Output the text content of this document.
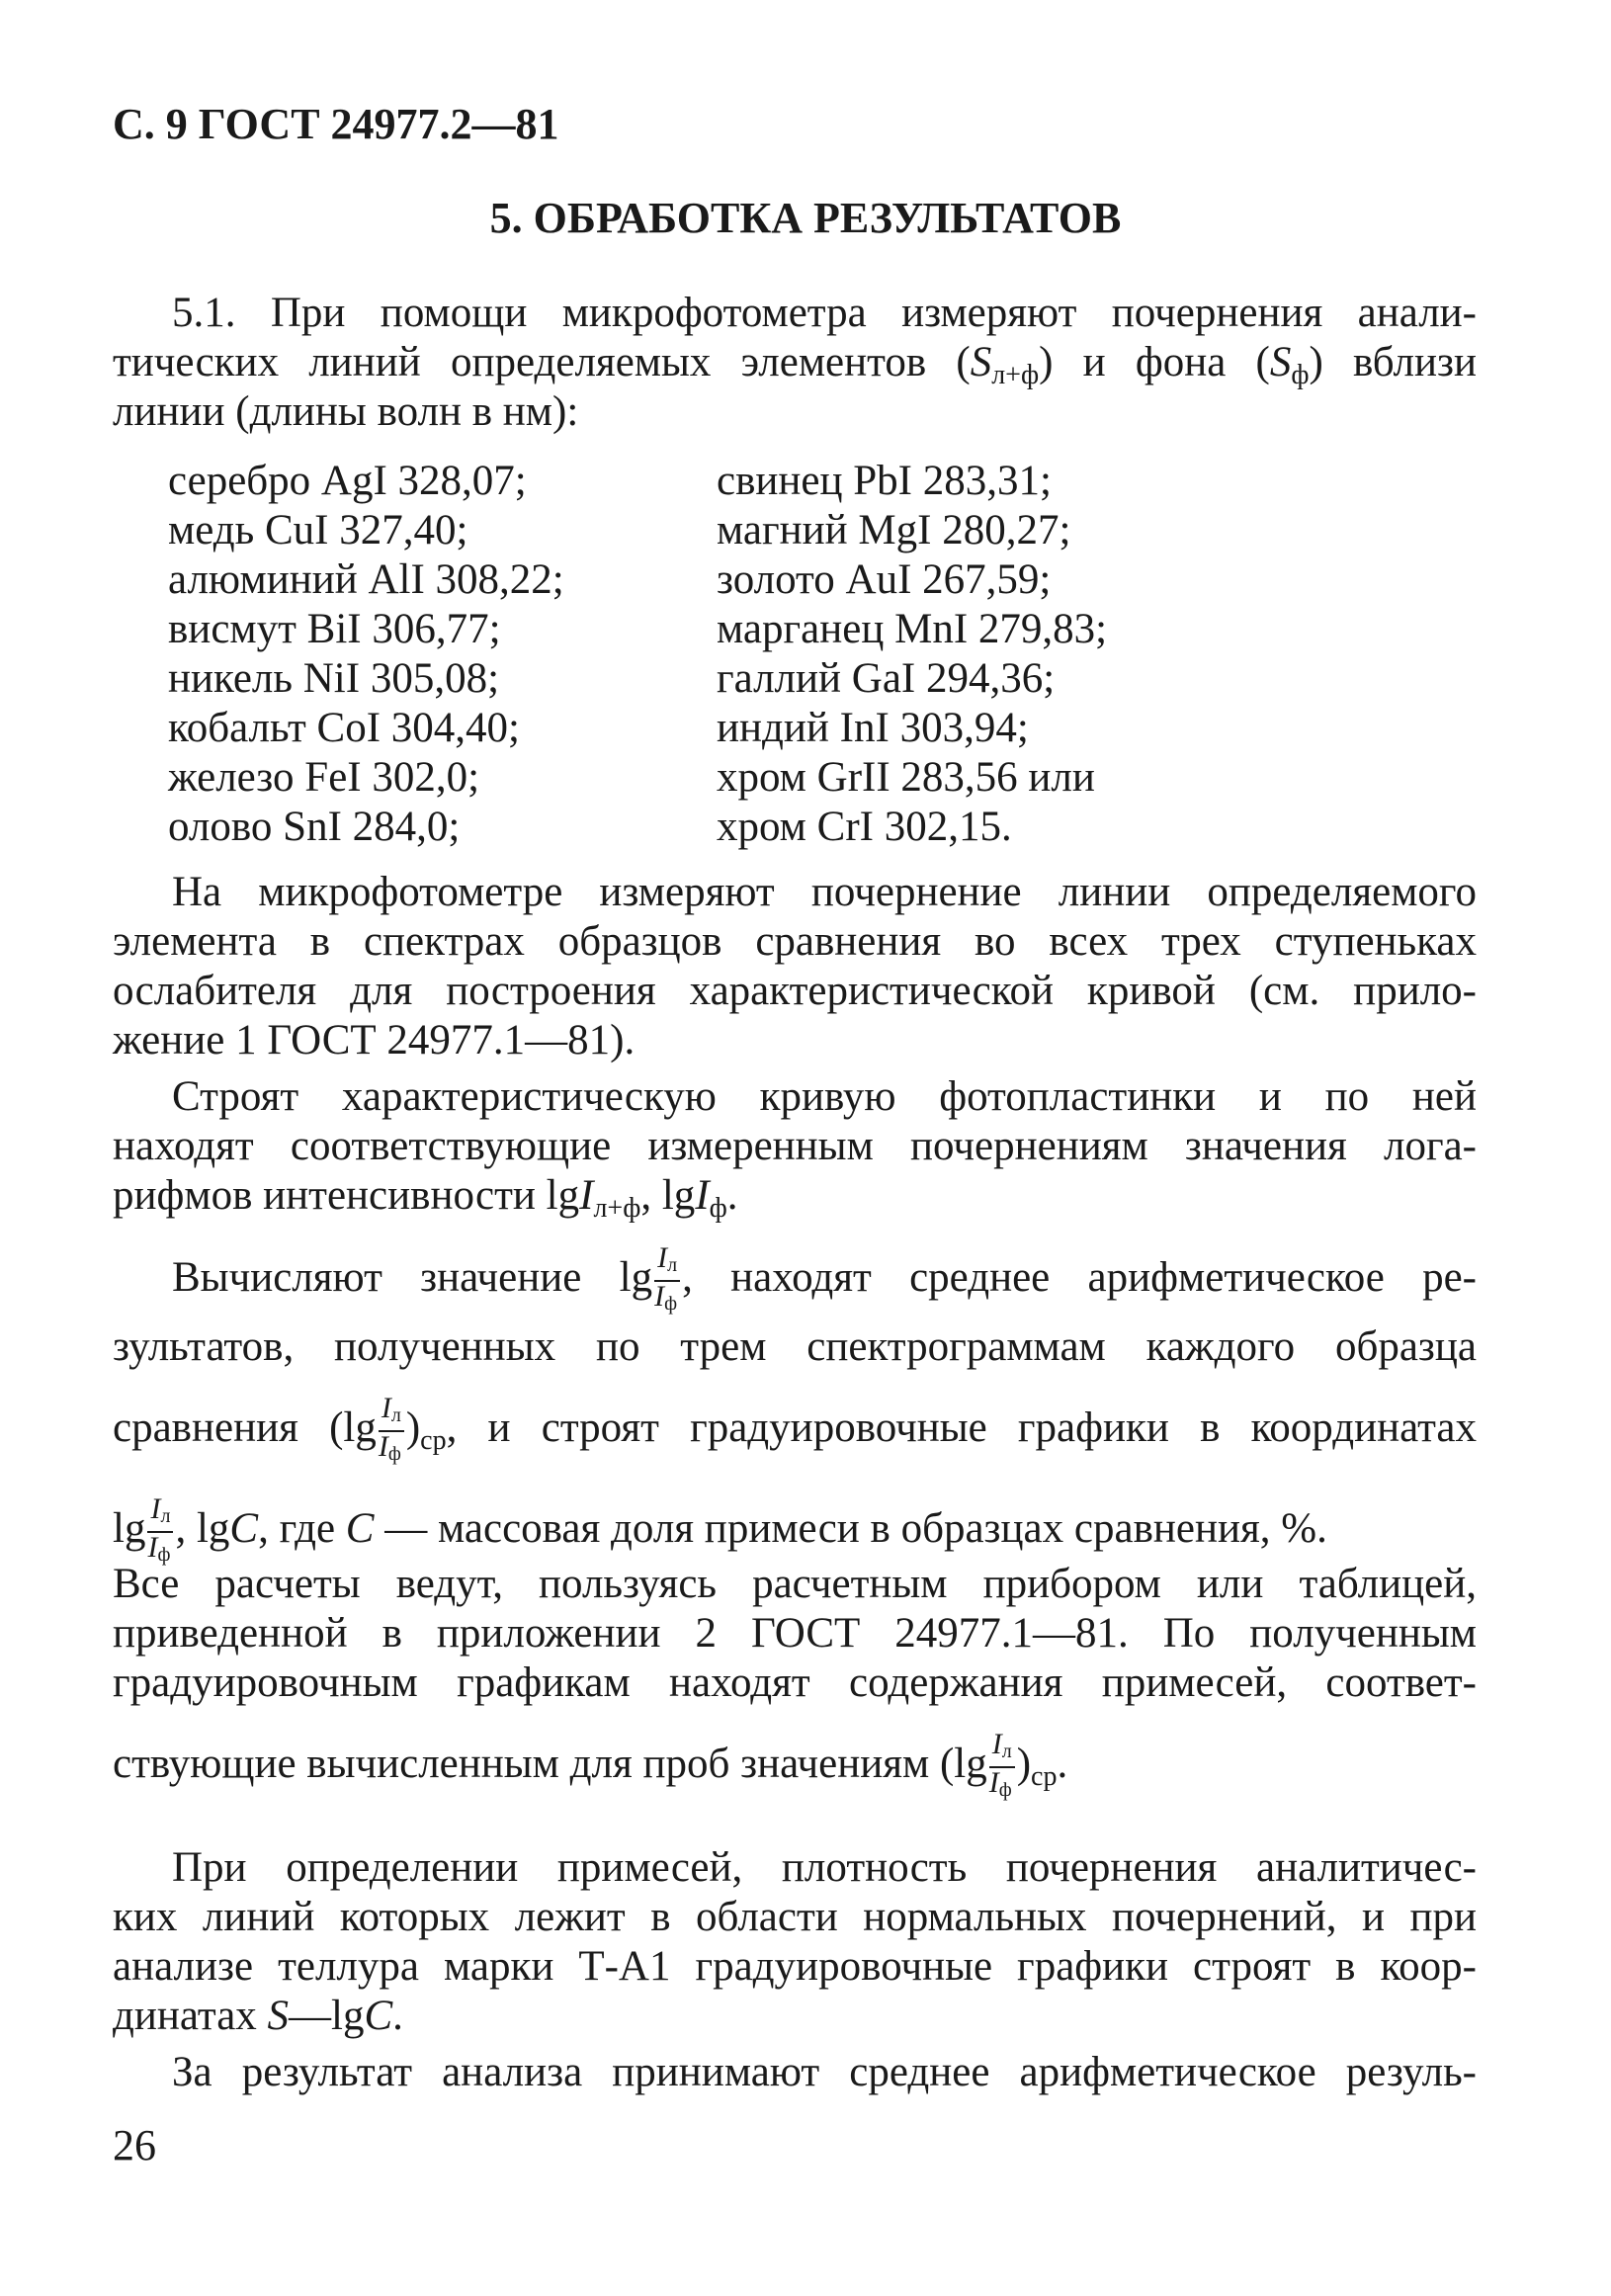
С. 9 ГОСТ 24977.2—81
5. ОБРАБОТКА РЕЗУЛЬТАТОВ
5.1. При помощи микрофотометра измеряют почернения анали-
тических линий определяемых элементов $(S_{л+ф})$ и фона $(S_ф)$ вблизи
линии (длины волн в нм):
серебро AgI 328,07;
медь CuI 327,40;
алюминий AlI 308,22;
висмут BiI 306,77;
никель NiI 305,08;
кобальт CoI 304,40;
железо FeI 302,0;
олово SnI 284,0;
свинец PbI 283,31;
магний MgI 280,27;
золото AuI 267,59;
марганец MnI 279,83;
галлий GaI 294,36;
индий InI 303,94;
хром GrII 283,56 или
хром CrI 302,15.
На микрофотометре измеряют почернение линии определяемого
элемента в спектрах образцов сравнения во всех трех ступеньках
ослабителя для построения характеристической кривой (см. прило-
жение 1 ГОСТ 24977.1—81).
Строят характеристическую кривую фотопластинки и по ней
находят соответствующие измеренным почернениям значения лога-
рифмов интенсивности lgI$_{л+ф}$, lgI$_ф$.
Вычисляют значение $\lg \frac{Iл}{Iф}$ , находят среднее арифметическое ре-
зультатов, полученных по трем спектрограммам каждого образца
сравнения $(\lg \frac{Iл}{Iф} )_{ср}$, и строят градуировочные графики в координатах
$\lg \frac{Iл}{Iф}$ , lgC, где C — массовая доля примеси в образцах сравнения, %.
Все расчеты ведут, пользуясь расчетным прибором или таблицей,
приведенной в приложении 2 ГОСТ 24977.1—81. По полученным
градуировочным графикам находят содержания примесей, соответ-
ствующие вычисленным для проб значениям $(\lg \frac{Iл}{Iф} )_{ср}$.
При определении примесей, плотность почернения аналитичес-
ких линий которых лежит в области нормальных почернений, и при
анализе теллура марки Т-А1 градуировочные графики строят в коор-
динатах S—lgC.
За результат анализа принимают среднее арифметическое резуль-
26
